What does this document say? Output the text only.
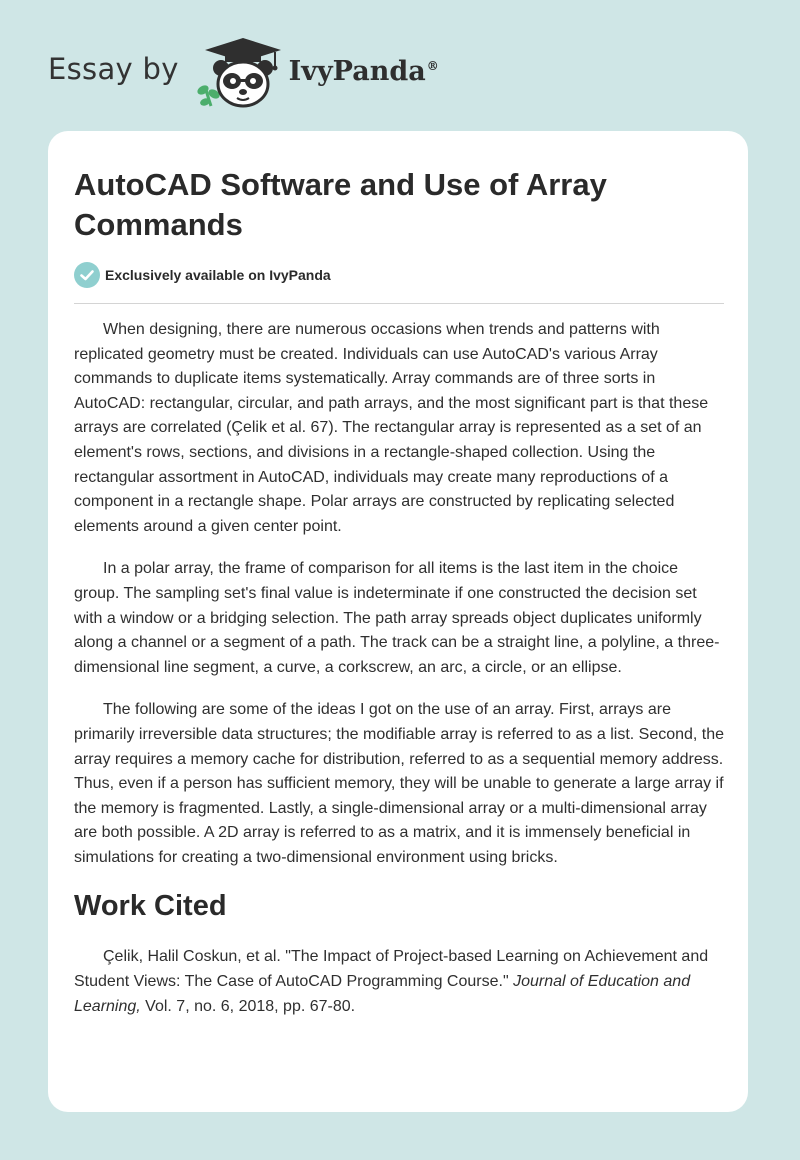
Essay by	IvyPanda®
AutoCAD Software and Use of Array Commands
Exclusively available on IvyPanda

When designing, there are numerous occasions when trends and patterns with replicated geometry must be created. Individuals can use AutoCAD's various Array commands to duplicate items systematically. Array commands are of three sorts in AutoCAD: rectangular, circular, and path arrays, and the most significant part is that these arrays are correlated (Çelik et al. 67). The rectangular array is represented as a set of an element's rows, sections, and divisions in a rectangle-shaped collection. Using the rectangular assortment in AutoCAD, individuals may create many reproductions of a component in a rectangle shape. Polar arrays are constructed by replicating selected elements around a given center point.

In a polar array, the frame of comparison for all items is the last item in the choice group. The sampling set's final value is indeterminate if one constructed the decision set with a window or a bridging selection. The path array spreads object duplicates uniformly along a channel or a segment of a path. The track can be a straight line, a polyline, a three-dimensional line segment, a curve, a corkscrew, an arc, a circle, or an ellipse.

The following are some of the ideas I got on the use of an array. First, arrays are primarily irreversible data structures; the modifiable array is referred to as a list. Second, the array requires a memory cache for distribution, referred to as a sequential memory address. Thus, even if a person has sufficient memory, they will be unable to generate a large array if the memory is fragmented. Lastly, a single-dimensional array or a multi-dimensional array are both possible. A 2D array is referred to as a matrix, and it is immensely beneficial in simulations for creating a two-dimensional environment using bricks.

Work Cited

Çelik, Halil Coskun, et al. "The Impact of Project-based Learning on Achievement and Student Views: The Case of AutoCAD Programming Course." Journal of Education and Learning, Vol. 7, no. 6, 2018, pp. 67-80.
